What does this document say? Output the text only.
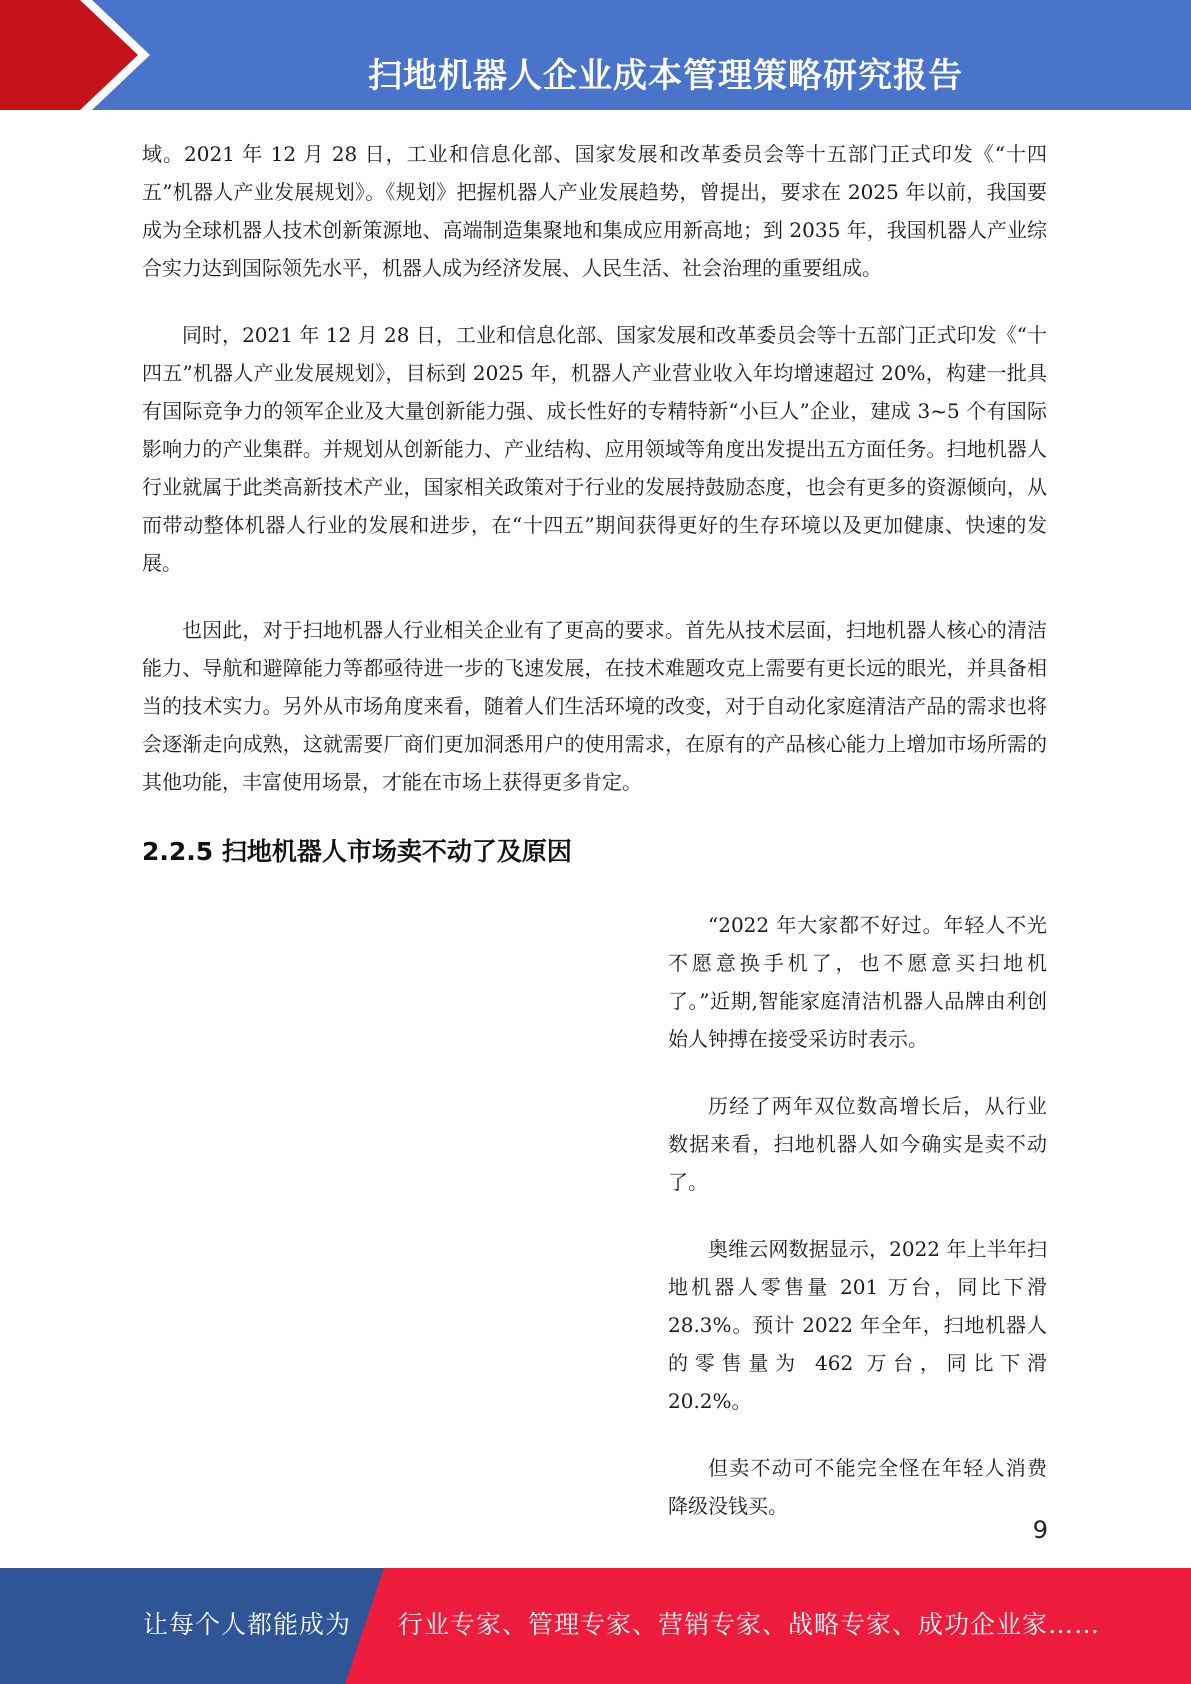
扫地机器人企业成本管理策略研究报告

域。2021 年 12 月 28 日，工业和信息化部、国家发展和改革委员会等十五部门正式印发《“十四五”机器人产业发展规划》。《规划》把握机器人产业发展趋势，曾提出，要求在 2025 年以前，我国要成为全球机器人技术创新策源地、高端制造集聚地和集成应用新高地；到 2035 年，我国机器人产业综合实力达到国际领先水平，机器人成为经济发展、人民生活、社会治理的重要组成。

同时，2021 年 12 月 28 日，工业和信息化部、国家发展和改革委员会等十五部门正式印发《“十四五”机器人产业发展规划》，目标到 2025 年，机器人产业营业收入年均增速超过 20%，构建一批具有国际竞争力的领军企业及大量创新能力强、成长性好的专精特新“小巨人”企业，建成 3~5 个有国际影响力的产业集群。并规划从创新能力、产业结构、应用领域等角度出发提出五方面任务。扫地机器人行业就属于此类高新技术产业，国家相关政策对于行业的发展持鼓励态度，也会有更多的资源倾向，从而带动整体机器人行业的发展和进步，在“十四五”期间获得更好的生存环境以及更加健康、快速的发展。

也因此，对于扫地机器人行业相关企业有了更高的要求。首先从技术层面，扫地机器人核心的清洁能力、导航和避障能力等都亟待进一步的飞速发展，在技术难题攻克上需要有更长远的眼光，并具备相当的技术实力。另外从市场角度来看，随着人们生活环境的改变，对于自动化家庭清洁产品的需求也将会逐渐走向成熟，这就需要厂商们更加洞悉用户的使用需求，在原有的产品核心能力上增加市场所需的其他功能，丰富使用场景，才能在市场上获得更多肯定。

2.2.5 扫地机器人市场卖不动了及原因

“2022 年大家都不好过。年轻人不光不愿意换手机了，也不愿意买扫地机了。”近期,智能家庭清洁机器人品牌由利创始人钟搏在接受采访时表示。

历经了两年双位数高增长后，从行业数据来看，扫地机器人如今确实是卖不动了。

奥维云网数据显示，2022 年上半年扫地机器人零售量 201 万台，同比下滑 28.3%。预计 2022 年全年，扫地机器人的零售量为 462 万台，同比下滑 20.2%。

但卖不动可不能完全怪在年轻人消费降级没钱买。

9

让每个人都能成为 行业专家、管理专家、营销专家、战略专家、成功企业家……
